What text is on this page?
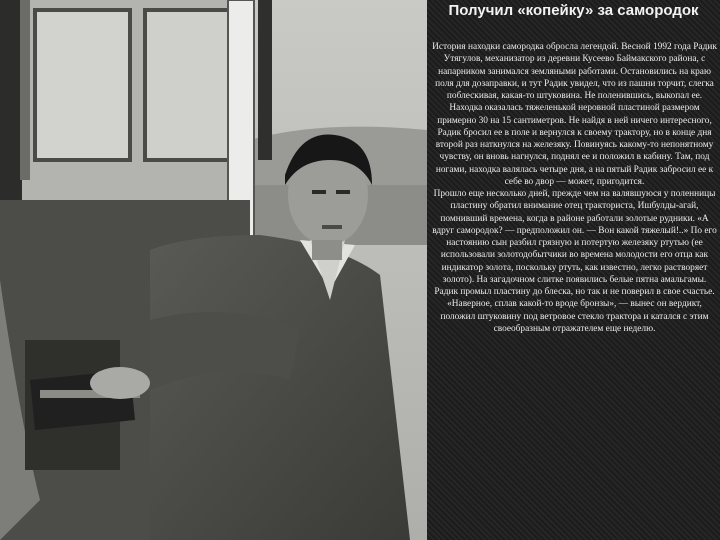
Получил «копейку» за самородок

История находки самородка обросла легендой. Весной 1992 года Радик Утягулов, механизатор из деревни Кусеево Баймакского района, с напарником занимался земляными работами. Остановились на краю поля для дозаправки, и тут Радик увидел, что из пашни торчит, слегка поблескивая, какая-то штуковина. Не поленившись, выкопал ее. Находка оказалась тяжеленькой неровной пластиной размером примерно 30 на 15 сантиметров. Не найдя в ней ничего интересного, Радик бросил ее в поле и вернулся к своему трактору, но в конце дня второй раз наткнулся на железяку. Повинуясь какому-то непонятному чувству, он вновь нагнулся, поднял ее и положил в кабину. Там, под ногами, находка валялась четыре дня, а на пятый Радик забросил ее к себе во двор — может, пригодится.

Прошло еще несколько дней, прежде чем на валявшуюся у поленницы пластину обратил внимание отец тракториста, Ишбулды-агай, помнивший времена, когда в районе работали золотые рудники. «А вдруг самородок? — предположил он. — Вон какой тяжелый!..» По его настоянию сын разбил грязную и потертую железяку ртутью (ее использовали золотодобытчики во времена молодости его отца как индикатор золота, поскольку ртуть, как известно, легко растворяет золото). На загадочном слитке появились белые пятна амальгамы. Радик промыл пластину до блеска, но так и не поверил в свое счастье. «Наверное, сплав какой-то вроде бронзы», — вынес он вердикт, положил штуковину под ветровое стекло трактора и катался с этим своеобразным отражателем еще неделю.
